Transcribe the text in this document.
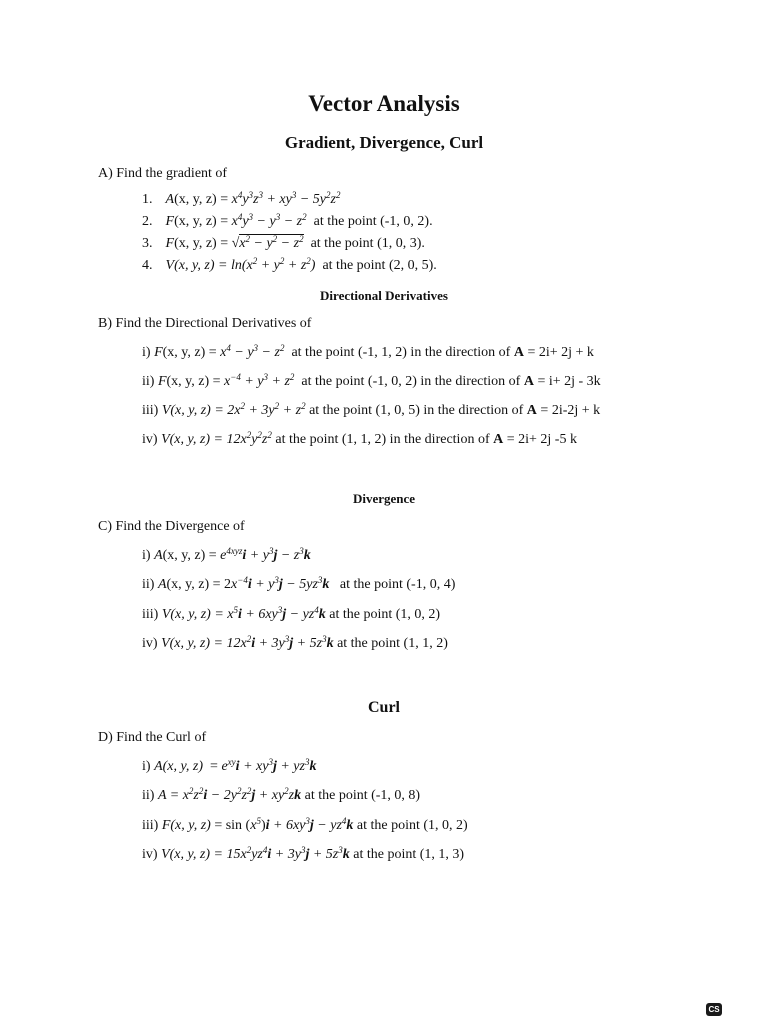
Vector Analysis
Gradient, Divergence, Curl
A) Find the gradient of
1. A(x, y, $z) = x^4y^3z^3 + xy^3 - 5y^2z^2$
2. F(x, y, $z) = x^4y^3 - y^3 - z^2$ at the point (-1, 0, 2).
3. F(x, y, $z) = √x^2 - y^2 - z^2$ at the point (1, 0, 3).
4. V(x, y, $z) = \ln(x^2 + y^2 + z^2)$ at the point (2, 0, 5).
Directional Derivatives
B) Find the Directional Derivatives of
i) F(x, y, $z) = x^4 - y^3 - z^2$ at the point (-1, 1, 2) in the direction of A = 2i+ 2j + k
ii) F(x, y, $z) = x^{-4} + y^3 + z^2$ at the point (-1, 0, 2) in the direction of A = i+ 2j - 3k
iii) V(x, y, $z) = 2x^2 + 3y^2 + z^2$ at the point (1, 0, 5) in the direction of A = 2i-2j + k
iv) V(x, y, $z) = 12x^2y^2z^2$ at the point (1, 1, 2) in the direction of A = 2i+ 2j -5 k
Divergence
C) Find the Divergence of
i) A(x, y, $z) = e^{4xyz}i + y^3j - z^3k$
ii) A(x, y, $z) = 2x^{-4}i + y^3j - 5yz^3k$ at the point (-1, 0, 4)
iii) V(x, y, $z) = x^5i + 6xy^3j - yz^4k$ at the point (1, 0, 2)
iv) V(x, y, $z) = 12x^2i + 3y^3j + 5z^3k$ at the point (1, 1, 2)
Curl
D) Find the Curl of
i) A(x, y, $z) = e^{xy}i + xy^3j + yz^3k$
ii) $A = x^2z^2i - 2y^2z^2j + xy^2zk$ at the point (-1, 0, 8)
iii) F(x, y, $z) = \sin (x^5)i + 6xy^3j - yz^4k$ at the point (1, 0, 2)
iv) V(x, y, $z) = 15x^2yz^4i + 3y^3j + 5z^3k$ at the point (1, 1, 3)
CS
